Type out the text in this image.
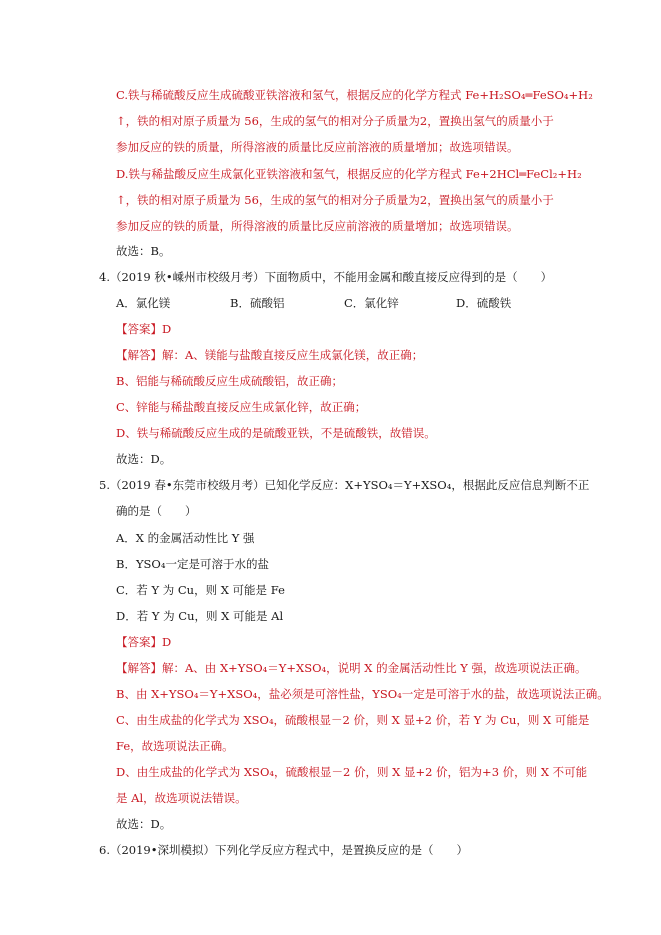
C.铁与稀硫酸反应生成硫酸亚铁溶液和氢气，根据反应的化学方程式 Fe+H₂SO₄═FeSO₄+H₂
↑，铁的相对原子质量为 56，生成的氢气的相对分子质量为2，置换出氢气的质量小于
参加反应的铁的质量，所得溶液的质量比反应前溶液的质量增加；故选项错误。
D.铁与稀盐酸反应生成氯化亚铁溶液和氢气，根据反应的化学方程式 Fe+2HCl═FeCl₂+H₂
↑，铁的相对原子质量为 56，生成的氢气的相对分子质量为2，置换出氢气的质量小于
参加反应的铁的质量，所得溶液的质量比反应前溶液的质量增加；故选项错误。
故选：B。
4.（2019 秋•嵊州市校级月考）下面物质中，不能用金属和酸直接反应得到的是（　　）
A．氯化镁	B．硫酸铝	C．氯化锌	D．硫酸铁
【答案】D
【解答】解：A、镁能与盐酸直接反应生成氯化镁，故正确；
B、铝能与稀硫酸反应生成硫酸铝，故正确；
C、锌能与稀盐酸直接反应生成氯化锌，故正确；
D、铁与稀硫酸反应生成的是硫酸亚铁，不是硫酸铁，故错误。
故选：D。
5.（2019 春•东莞市校级月考）已知化学反应：X+YSO₄＝Y+XSO₄，根据此反应信息判断不正
确的是（　　）
A．X 的金属活动性比 Y 强
B．YSO₄一定是可溶于水的盐
C．若 Y 为 Cu，则 X 可能是 Fe
D．若 Y 为 Cu，则 X 可能是 Al
【答案】D
【解答】解：A、由 X+YSO₄＝Y+XSO₄，说明 X 的金属活动性比 Y 强，故选项说法正确。
B、由 X+YSO₄＝Y+XSO₄，盐必须是可溶性盐，YSO₄一定是可溶于水的盐，故选项说法正确。
C、由生成盐的化学式为 XSO₄，硫酸根显－2 价，则 X 显+2 价，若 Y 为 Cu，则 X 可能是
Fe，故选项说法正确。
D、由生成盐的化学式为 XSO₄，硫酸根显－2 价，则 X 显+2 价，铝为+3 价，则 X 不可能
是 Al，故选项说法错误。
故选：D。
6.（2019•深圳模拟）下列化学反应方程式中，是置换反应的是（　　）
